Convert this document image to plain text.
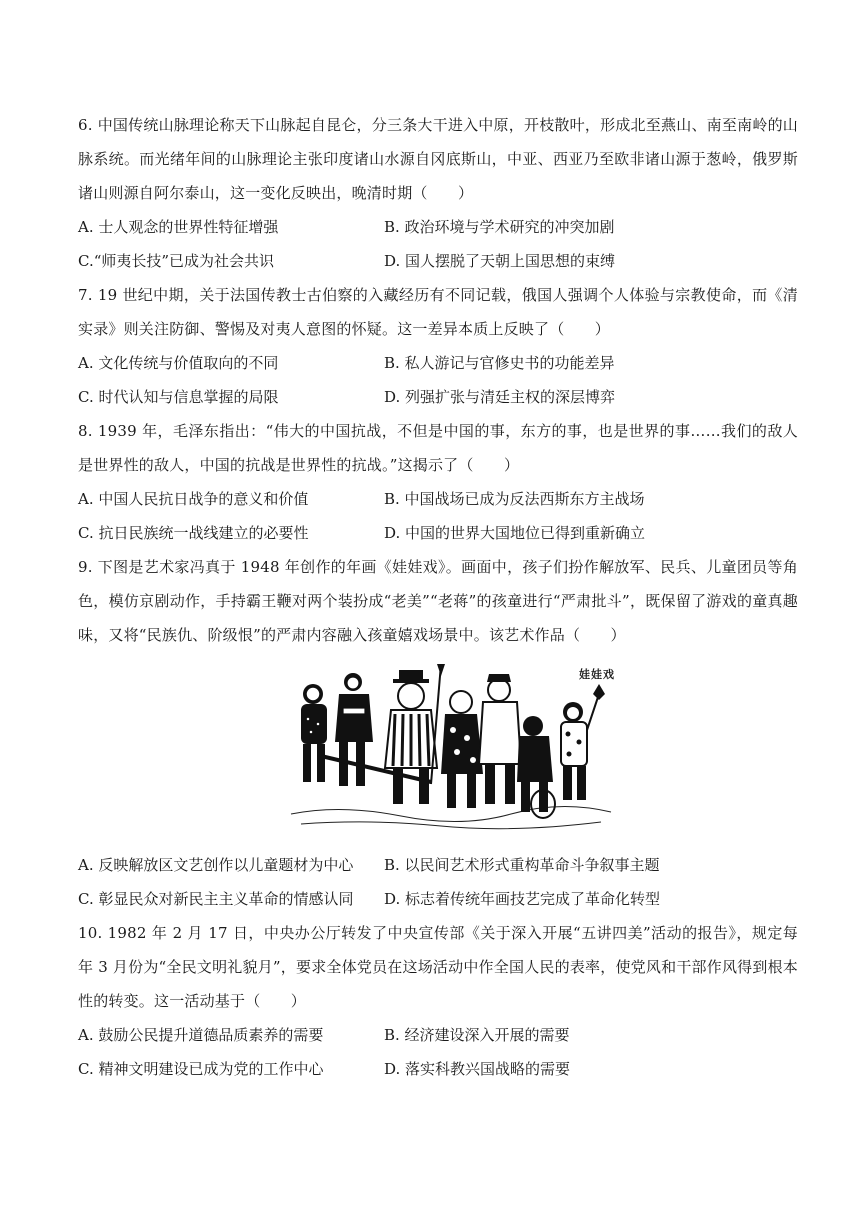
6. 中国传统山脉理论称天下山脉起自昆仑，分三条大干进入中原，开枝散叶，形成北至燕山、南至南岭的山脉系统。而光绪年间的山脉理论主张印度诸山水源自冈底斯山，中亚、西亚乃至欧非诸山源于葱岭，俄罗斯诸山则源自阿尔泰山，这一变化反映出，晚清时期（　　）

A. 士人观念的世界性特征增强	B. 政治环境与学术研究的冲突加剧
C.“师夷长技”已成为社会共识	D. 国人摆脱了天朝上国思想的束缚

7. 19 世纪中期，关于法国传教士古伯察的入藏经历有不同记载，俄国人强调个人体验与宗教使命，而《清实录》则关注防御、警惕及对夷人意图的怀疑。这一差异本质上反映了（　　）

A. 文化传统与价值取向的不同	B. 私人游记与官修史书的功能差异
C. 时代认知与信息掌握的局限	D. 列强扩张与清廷主权的深层博弈

8. 1939 年，毛泽东指出：“伟大的中国抗战，不但是中国的事，东方的事，也是世界的事……我们的敌人是世界性的敌人，中国的抗战是世界性的抗战。”这揭示了（　　）

A. 中国人民抗日战争的意义和价值	B. 中国战场已成为反法西斯东方主战场
C. 抗日民族统一战线建立的必要性	D. 中国的世界大国地位已得到重新确立

9. 下图是艺术家冯真于 1948 年创作的年画《娃娃戏》。画面中，孩子们扮作解放军、民兵、儿童团员等角色，模仿京剧动作，手持霸王鞭对两个装扮成“老美”“老蒋”的孩童进行“严肃批斗”，既保留了游戏的童真趣味，又将“民族仇、阶级恨”的严肃内容融入孩童嬉戏场景中。该艺术作品（　　）

娃娃戏
A. 反映解放区文艺创作以儿童题材为中心	B. 以民间艺术形式重构革命斗争叙事主题
C. 彰显民众对新民主主义革命的情感认同	D. 标志着传统年画技艺完成了革命化转型

10. 1982 年 2 月 17 日，中央办公厅转发了中央宣传部《关于深入开展“五讲四美”活动的报告》，规定每年 3 月份为“全民文明礼貌月”，要求全体党员在这场活动中作全国人民的表率，使党风和干部作风得到根本性的转变。这一活动基于（　　）

A. 鼓励公民提升道德品质素养的需要	B. 经济建设深入开展的需要
C. 精神文明建设已成为党的工作中心	D. 落实科教兴国战略的需要
